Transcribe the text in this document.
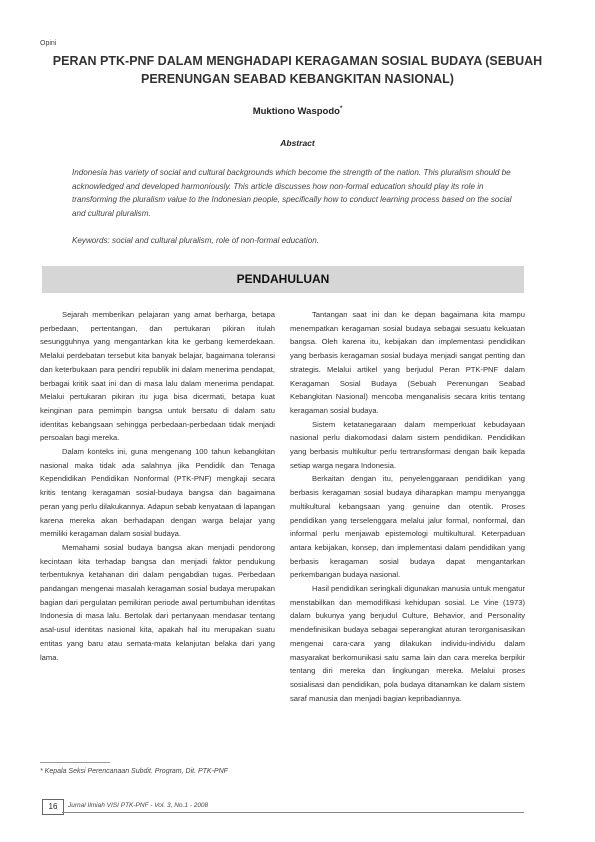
Opini
PERAN PTK-PNF DALAM MENGHADAPI KERAGAMAN SOSIAL BUDAYA (SEBUAH PERENUNGAN SEABAD KEBANGKITAN NASIONAL)
Muktiono Waspodo*
Abstract

Indonesia has variety of social and cultural backgrounds which become the strength of the nation. This pluralism should be acknowledged and developed harmoniously. This article discusses how non-formal education should play its role in transforming the pluralism value to the Indonesian people, specifically how to conduct learning process based on the social and cultural pluralism.

Keywords: social and cultural pluralism, role of non-formal education.

PENDAHULUAN

Sejarah memberikan pelajaran yang amat berharga, betapa perbedaan, pertentangan, dan pertukaran pikiran itulah sesungguhnya yang mengantarkan kita ke gerbang kemerdekaan. Melalui perdebatan tersebut kita banyak belajar, bagaimana toleransi dan keterbukaan para pendiri republik ini dalam menerima pendapat, berbagai kritik saat ini dan di masa lalu dalam menerima pendapat. Melalui pertukaran pikiran itu juga bisa dicermati, betapa kuat keinginan para pemimpin bangsa untuk bersatu di dalam satu identitas kebangsaan sehingga perbedaan-perbedaan tidak menjadi persoalan bagi mereka.

Dalam konteks ini, guna mengenang 100 tahun kebangkitan nasional maka tidak ada salahnya jika Pendidik dan Tenaga Kependidikan Pendidikan Nonformal (PTK-PNF) mengkaji secara kritis tentang keragaman sosial-budaya bangsa dan bagaimana peran yang perlu dilakukannya. Adapun sebab kenyataan di lapangan karena mereka akan berhadapan dengan warga belajar yang memiliki keragaman dalam sosial budaya.

Memahami sosial budaya bangsa akan menjadi pendorong kecintaan kita terhadap bangsa dan menjadi faktor pendukung terbentuknya ketahanan diri dalam pengabdian tugas. Perbedaan pandangan mengenai masalah keragaman sosial budaya merupakan bagian dari pergulatan pemikiran periode awal pertumbuhan identitas Indonesia di masa lalu. Bertolak dari pertanyaan mendasar tentang asal-usul identitas nasional kita, apakah hal itu merupakan suatu entitas yang baru atau semata-mata kelanjutan belaka dari yang lama.

Tantangan saat ini dan ke depan bagaimana kita mampu menempatkan keragaman sosial budaya sebagai sesuatu kekuatan bangsa. Oleh karena itu, kebijakan dan implementasi pendidikan yang berbasis keragaman sosial budaya menjadi sangat penting dan strategis. Melalui artikel yang berjudul Peran PTK-PNF dalam Keragaman Sosial Budaya (Sebuah Perenungan Seabad Kebangkitan Nasional) mencoba menganalisis secara kritis tentang keragaman sosial budaya.

Sistem ketatanegaraan dalam memperkuat kebudayaan nasional perlu diakomodasi dalam sistem pendidikan. Pendidikan yang berbasis multikultur perlu tertransformasi dengan baik kepada setiap warga negara Indonesia.

Berkaitan dengan itu, penyelenggaraan pendidikan yang berbasis keragaman sosial budaya diharapkan mampu menyangga multikultural kebangsaan yang genuine dan otentik. Proses pendidikan yang terselenggara melalui jalur formal, nonformal, dan informal perlu menjawab epistemologi multikultural. Keterpaduan antara kebijakan, konsep, dan implementasi dalam pendidikan yang berbasis keragaman sosial budaya dapat mengantarkan perkembangan budaya nasional.

Hasil pendidikan seringkali digunakan manusia untuk mengatur menstabilkan dan memodifikasi kehidupan sosial. Le Vine (1973) dalam bukunya yang berjudul Culture, Behavior, and Personality mendefinisikan budaya sebagai seperangkat aturan terorganisasikan mengenai cara-cara yang dilakukan individu-individu dalam masyarakat berkomunikasi satu sama lain dan cara mereka berpikir tentang diri mereka dan lingkungan mereka. Melalui proses sosialisasi dan pendidikan, pola budaya ditanamkan ke dalam sistem saraf manusia dan menjadi bagian kepribadiannya.

* Kepala Seksi Perencanaan Subdit. Program, Dit. PTK-PNF
16	Jurnal Ilmiah VISI PTK-PNF - Vol. 3, No.1 - 2008
